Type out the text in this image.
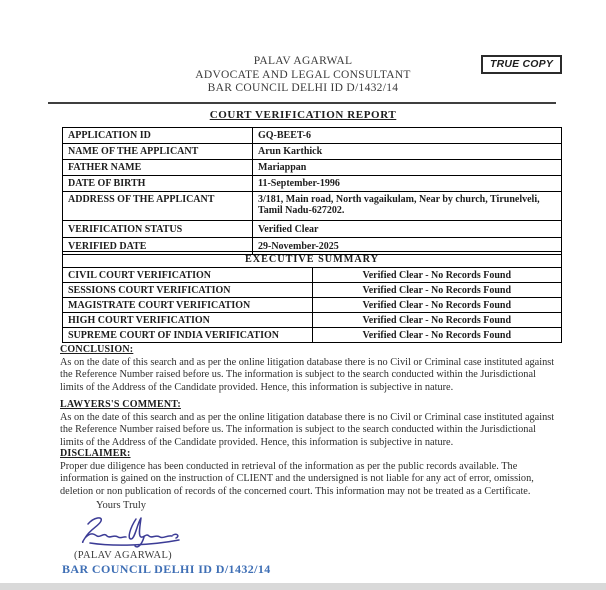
PALAV AGARWAL
ADVOCATE AND LEGAL CONSULTANT
BAR COUNCIL DELHI ID D/1432/14
TRUE COPY
COURT VERIFICATION REPORT
APPLICATION ID	GQ-BEET-6
NAME OF THE APPLICANT	Arun Karthick
FATHER NAME	Mariappan
DATE OF BIRTH	11-September-1996
ADDRESS OF THE APPLICANT	3/181, Main road, North vagaikulam, Near by church, Tirunelveli, Tamil Nadu-627202.
VERIFICATION STATUS	Verified Clear
VERIFIED DATE	29-November-2025
EXECUTIVE SUMMARY	
CIVIL COURT VERIFICATION	Verified Clear - No Records Found
SESSIONS COURT VERIFICATION	Verified Clear - No Records Found
MAGISTRATE COURT VERIFICATION	Verified Clear - No Records Found
HIGH COURT VERIFICATION	Verified Clear - No Records Found
SUPREME COURT OF INDIA VERIFICATION	Verified Clear - No Records Found
CONCLUSION:

As on the date of this search and as per the online litigation database there is no Civil or Criminal case instituted against the Reference Number raised before us. The information is subject to the search conducted within the Jurisdictional limits of the Address of the Candidate provided. Hence, this information is subjective in nature.

LAWYERS'S COMMENT:

As on the date of this search and as per the online litigation database there is no Civil or Criminal case instituted against the Reference Number raised before us. The information is subject to the search conducted within the Jurisdictional limits of the Address of the Candidate provided. Hence, this information is subjective in nature.

DISCLAIMER:

Proper due diligence has been conducted in retrieval of the information as per the public records available. The information is gained on the instruction of CLIENT and the undersigned is not liable for any act of error, omission, deletion or non publication of records of the concerned court. This information may not be treated as a Certificate.

Yours Truly
(PALAV AGARWAL)
BAR COUNCIL DELHI ID D/1432/14
